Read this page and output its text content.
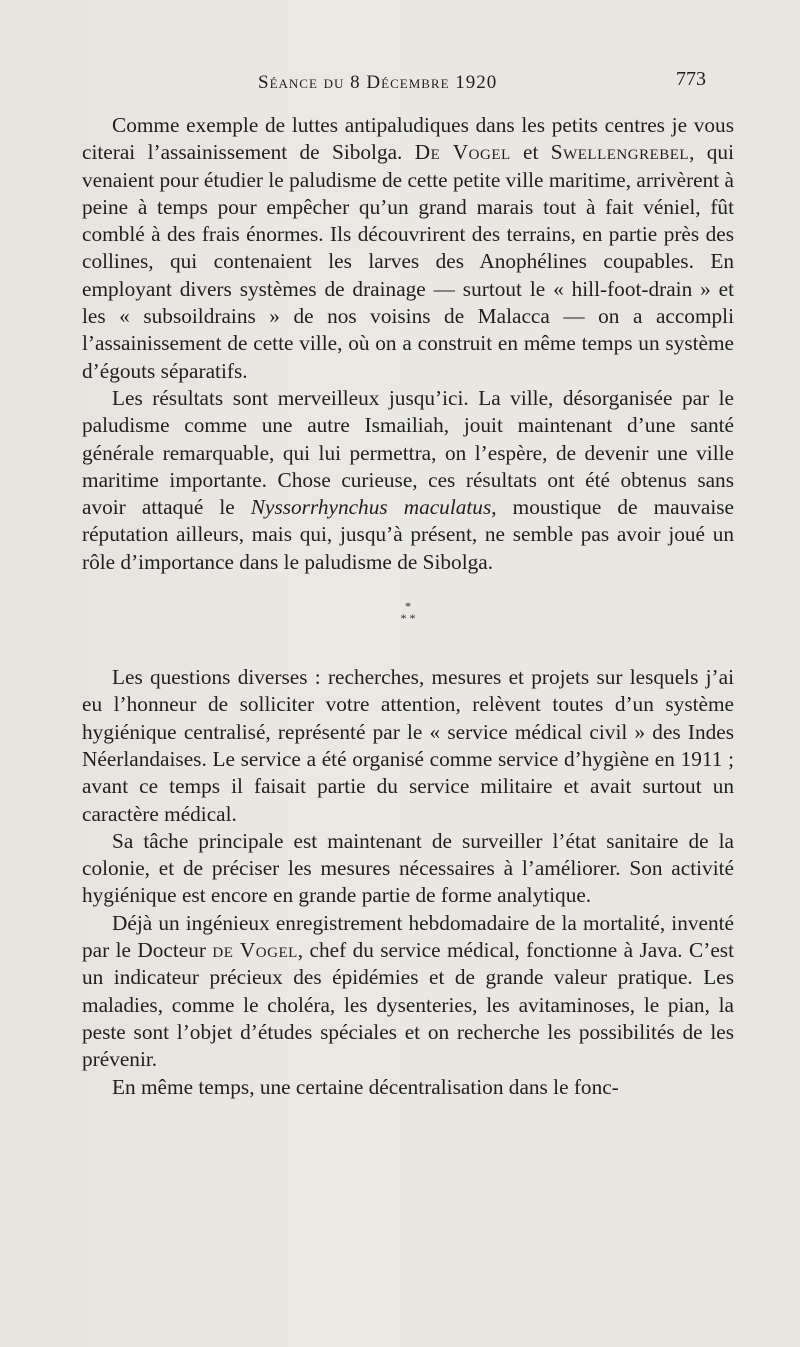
Séance du 8 Décembre 1920	773

Comme exemple de luttes antipaludiques dans les petits centres je vous citerai l’assainissement de Sibolga. De Vogel et Swellengrebel, qui venaient pour étudier le paludisme de cette petite ville maritime, arrivèrent à peine à temps pour empêcher qu’un grand marais tout à fait véniel, fût comblé à des frais énormes. Ils découvrirent des terrains, en partie près des collines, qui contenaient les larves des Anophélines coupables. En employant divers systèmes de drainage — surtout le « hill-foot-drain » et les « subsoildrains » de nos voisins de Malacca — on a accompli l’assainissement de cette ville, où on a construit en même temps un système d’égouts séparatifs.

Les résultats sont merveilleux jusqu’ici. La ville, désorganisée par le paludisme comme une autre Ismailiah, jouit maintenant d’une santé générale remarquable, qui lui permettra, on l’espère, de devenir une ville maritime importante. Chose curieuse, ces résultats ont été obtenus sans avoir attaqué le Nyssorrhynchus maculatus, moustique de mauvaise réputation ailleurs, mais qui, jusqu’à présent, ne semble pas avoir joué un rôle d’importance dans le paludisme de Sibolga.

*
* *

Les questions diverses : recherches, mesures et projets sur lesquels j’ai eu l’honneur de solliciter votre attention, relèvent toutes d’un système hygiénique centralisé, représenté par le « service médical civil » des Indes Néerlandaises. Le service a été organisé comme service d’hygiène en 1911 ; avant ce temps il faisait partie du service militaire et avait surtout un caractère médical.

Sa tâche principale est maintenant de surveiller l’état sanitaire de la colonie, et de préciser les mesures nécessaires à l’améliorer. Son activité hygiénique est encore en grande partie de forme analytique.

Déjà un ingénieux enregistrement hebdomadaire de la mortalité, inventé par le Docteur de Vogel, chef du service médical, fonctionne à Java. C’est un indicateur précieux des épidémies et de grande valeur pratique. Les maladies, comme le choléra, les dysenteries, les avitaminoses, le pian, la peste sont l’objet d’études spéciales et on recherche les possibilités de les prévenir.

En même temps, une certaine décentralisation dans le fonc-
